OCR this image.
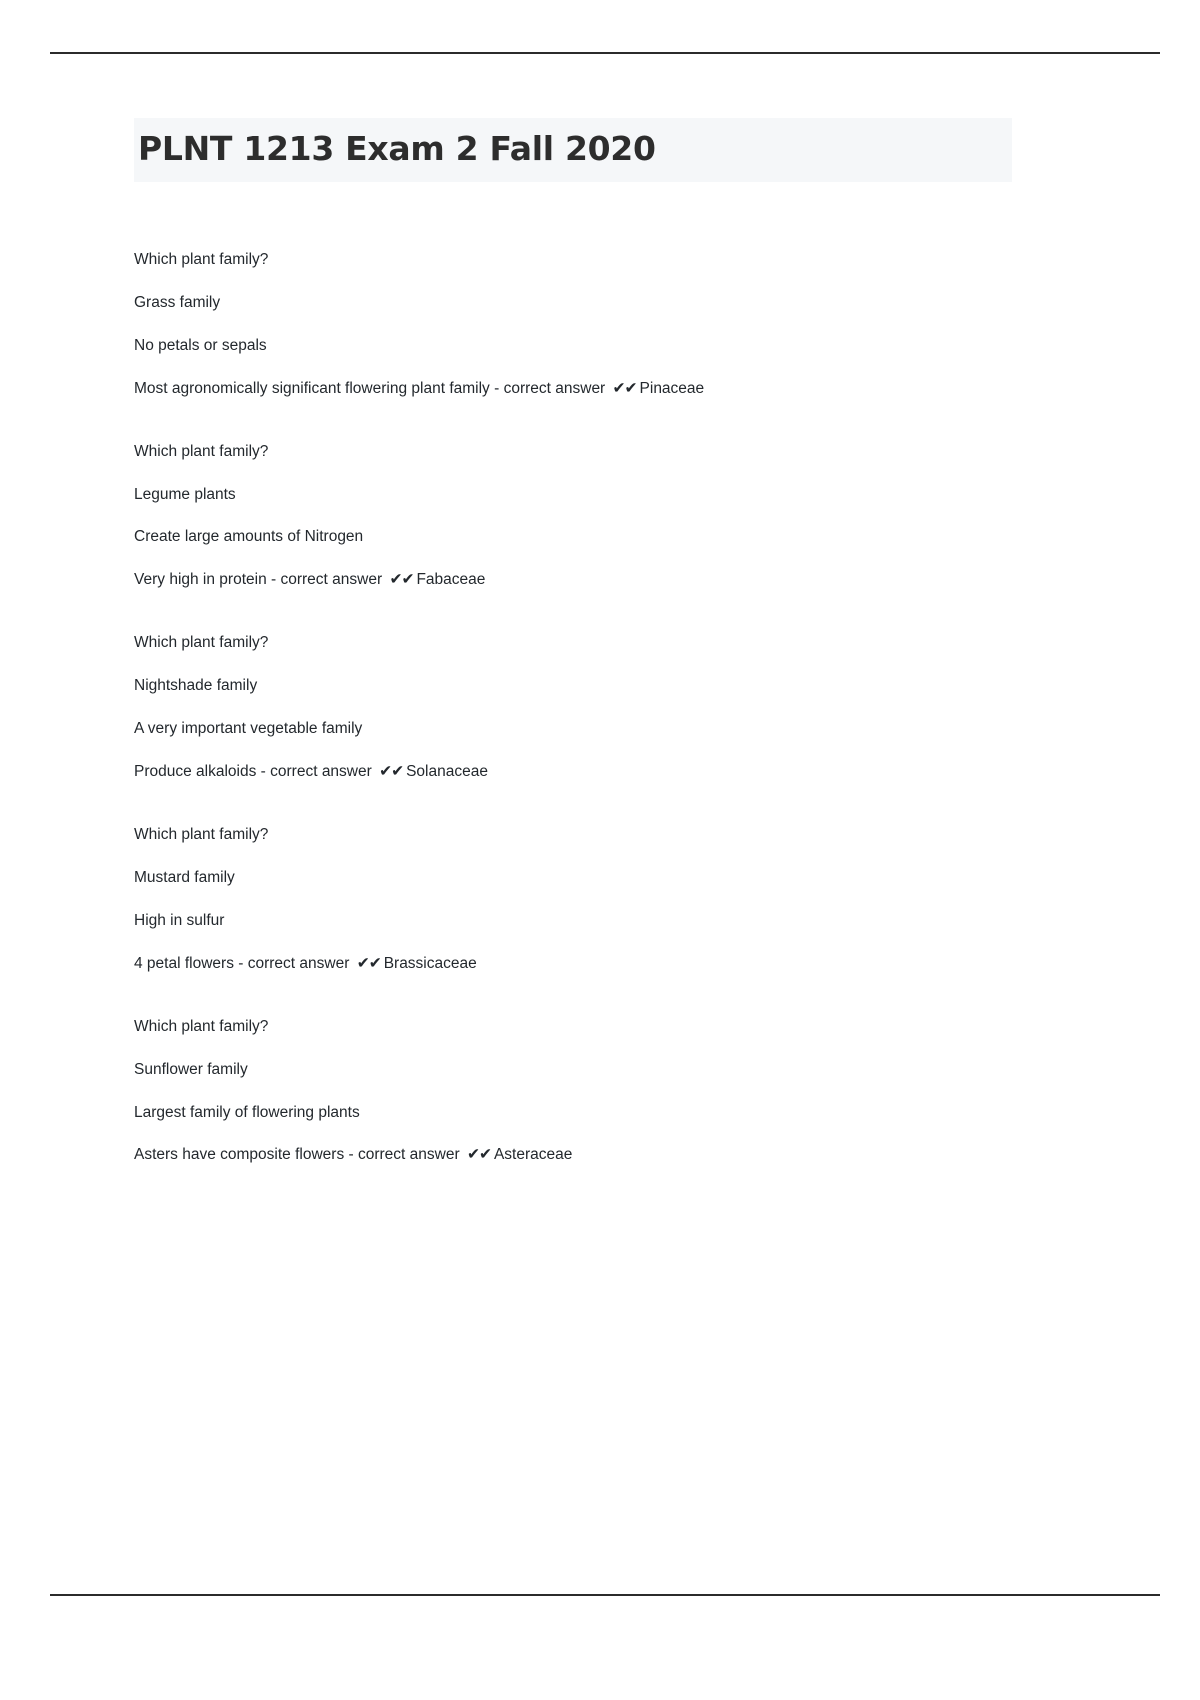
PLNT 1213 Exam 2 Fall 2020

Which plant family?

Grass family

No petals or sepals

Most agronomically significant flowering plant family - correct answer ✔✔ Pinaceae

Which plant family?

Legume plants

Create large amounts of Nitrogen

Very high in protein - correct answer ✔✔ Fabaceae

Which plant family?

Nightshade family

A very important vegetable family

Produce alkaloids - correct answer ✔✔ Solanaceae

Which plant family?

Mustard family

High in sulfur

4 petal flowers - correct answer ✔✔ Brassicaceae

Which plant family?

Sunflower family

Largest family of flowering plants

Asters have composite flowers - correct answer ✔✔ Asteraceae
